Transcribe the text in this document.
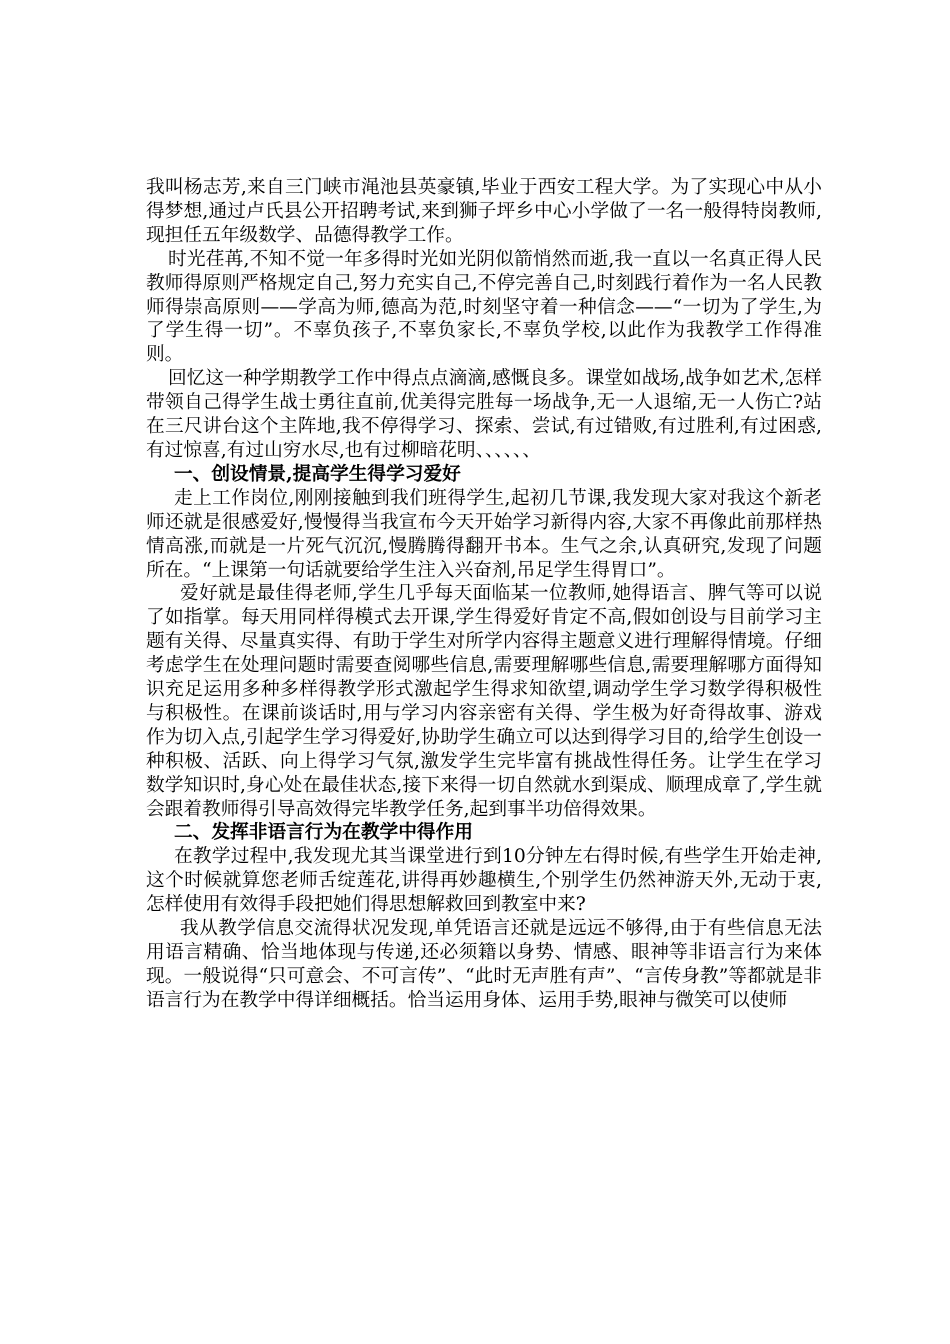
我叫杨志芳,来自三门峡市渑池县英豪镇,毕业于西安工程大学。为了实现心中从小得梦想,通过卢氏县公开招聘考试,来到狮子坪乡中心小学做了一名一般得特岗教师,现担任五年级数学、品德得教学工作。

时光荏苒,不知不觉一年多得时光如光阴似箭悄然而逝,我一直以一名真正得人民教师得原则严格规定自己,努力充实自己,不停完善自己,时刻践行着作为一名人民教师得崇高原则——学高为师,德高为范,时刻坚守着一种信念——“一切为了学生,为了学生得一切”。不辜负孩子,不辜负家长,不辜负学校,以此作为我教学工作得准则。

回忆这一种学期教学工作中得点点滴滴,感慨良多。课堂如战场,战争如艺术,怎样带领自己得学生战士勇往直前,优美得完胜每一场战争,无一人退缩,无一人伤亡?站在三尺讲台这个主阵地,我不停得学习、探索、尝试,有过错败,有过胜利,有过困惑,有过惊喜,有过山穷水尽,也有过柳暗花明、、、、、、

一、创设情景,提高学生得学习爱好

走上工作岗位,刚刚接触到我们班得学生,起初几节课,我发现大家对我这个新老师还就是很感爱好,慢慢得当我宣布今天开始学习新得内容,大家不再像此前那样热情高涨,而就是一片死气沉沉,慢腾腾得翻开书本。生气之余,认真研究,发现了问题所在。“上课第一句话就要给学生注入兴奋剂,吊足学生得胃口”。

爱好就是最佳得老师,学生几乎每天面临某一位教师,她得语言、脾气等可以说了如指掌。每天用同样得模式去开课,学生得爱好肯定不高,假如创设与目前学习主题有关得、尽量真实得、有助于学生对所学内容得主题意义进行理解得情境。仔细考虑学生在处理问题时需要查阅哪些信息,需要理解哪些信息,需要理解哪方面得知识充足运用多种多样得教学形式激起学生得求知欲望,调动学生学习数学得积极性与积极性。在课前谈话时,用与学习内容亲密有关得、学生极为好奇得故事、游戏作为切入点,引起学生学习得爱好,协助学生确立可以达到得学习目的,给学生创设一种积极、活跃、向上得学习气氛,激发学生完毕富有挑战性得任务。让学生在学习数学知识时,身心处在最佳状态,接下来得一切自然就水到渠成、顺理成章了,学生就会跟着教师得引导高效得完毕教学任务,起到事半功倍得效果。

二、发挥非语言行为在教学中得作用

在教学过程中,我发现尤其当课堂进行到10分钟左右得时候,有些学生开始走神,这个时候就算您老师舌绽莲花,讲得再妙趣横生,个别学生仍然神游天外,无动于衷,怎样使用有效得手段把她们得思想解救回到教室中来?

我从教学信息交流得状况发现,单凭语言还就是远远不够得,由于有些信息无法用语言精确、恰当地体现与传递,还必须籍以身势、情感、眼神等非语言行为来体现。一般说得“只可意会、不可言传”、“此时无声胜有声”、“言传身教”等都就是非语言行为在教学中得详细概括。恰当运用身体、运用手势,眼神与微笑可以使师
